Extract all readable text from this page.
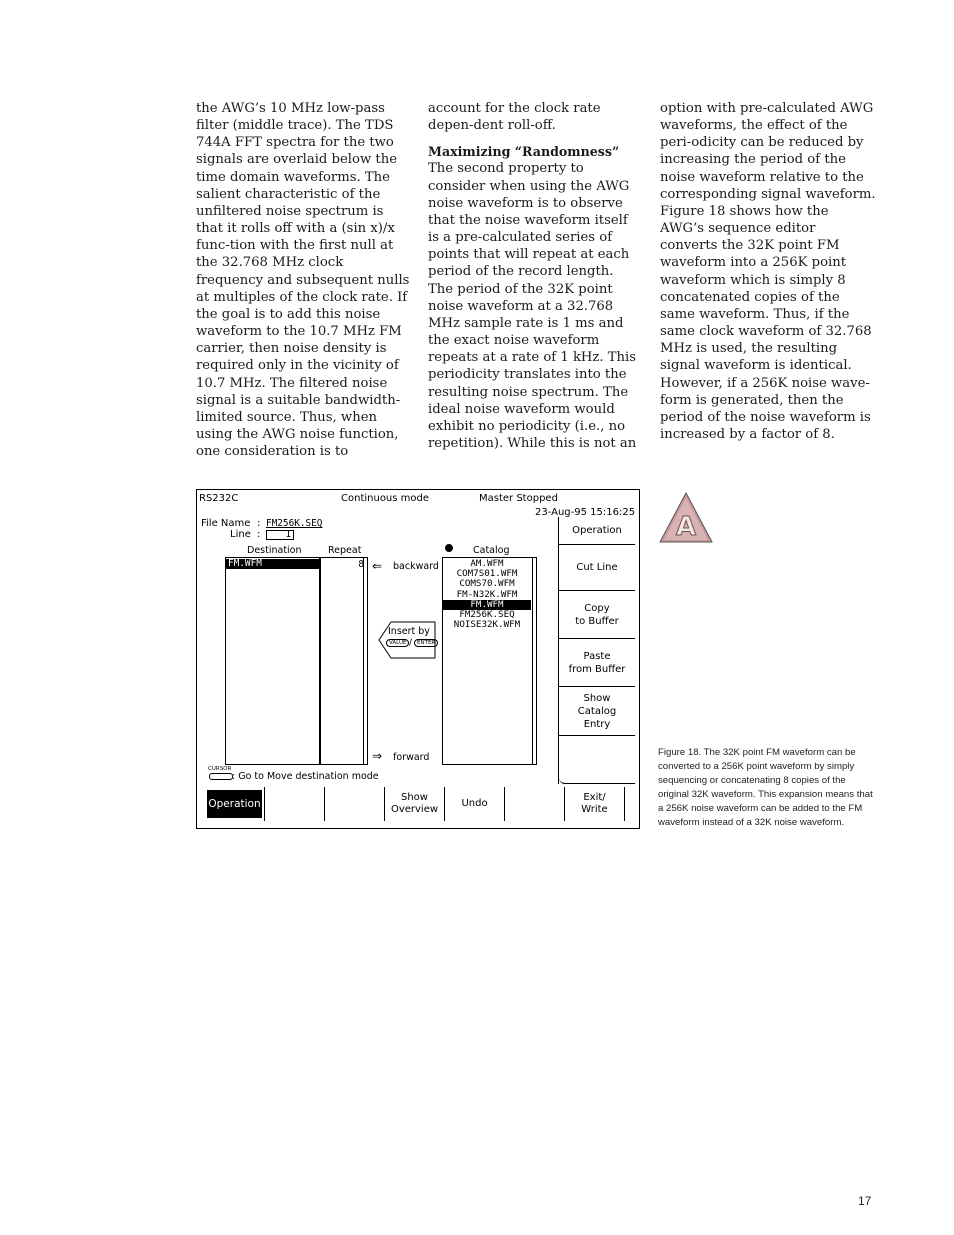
the AWG’s 10 MHz low-pass filter (middle trace). The TDS 744A FFT spectra for the two signals are overlaid below the time domain waveforms. The salient characteristic of the unfiltered noise spectrum is that it rolls off with a (sin x)/x func-tion with the first null at the 32.768 MHz clock frequency and subsequent nulls at multiples of the clock rate. If the goal is to add this noise waveform to the 10.7 MHz FM carrier, then noise density is required only in the vicinity of 10.7 MHz. The filtered noise signal is a suitable bandwidth-limited source. Thus, when using the AWG noise function, one consideration is to

account for the clock rate depen-dent roll-off.

Maximizing “Randomness”

The second property to consider when using the AWG noise waveform is to observe that the noise waveform itself is a pre-calculated series of points that will repeat at each period of the record length. The period of the 32K point noise waveform at a 32.768 MHz sample rate is 1 ms and the exact noise waveform repeats at a rate of 1 kHz. This periodicity translates into the resulting noise spectrum. The ideal noise waveform would exhibit no periodicity (i.e., no repetition). While this is not an

option with pre-calculated AWG waveforms, the effect of the peri-odicity can be reduced by increasing the period of the noise waveform relative to the corresponding signal waveform. Figure 18 shows how the AWG’s sequence editor converts the 32K point FM waveform into a 256K point waveform which is simply 8 concatenated copies of the same waveform. Thus, if the same clock waveform of 32.768 MHz is used, the resulting signal waveform is identical. However, if a 256K noise wave-form is generated, then the period of the noise waveform is increased by a factor of 8.

RS232C	Continuous mode	Master Stopped
23-Aug-95 15:16:25
File Name : FM256K.SEQ
Line :	1
Destination	Repeat	Catalog
FM.WFM	8 ⇐ backward
⇒ forward
Insert by
VALUE / ENTER
AM.WFM
COM7S01.WFM
COMS70.WFM
FM-N32K.WFM
FM.WFM
FM256K.SEQ
NOISE32K.WFM
CURSOR
: Go to Move destination mode
Operation
Cut Line
Copy
to Buffer
Paste
from Buffer
Show
Catalog
Entry
Operation
Show
Overview
Undo
Exit/
Write
A
Figure 18. The 32K point FM waveform can be converted to a 256K point waveform by simply sequencing or concatenating 8 copies of the original 32K waveform. This expansion means that a 256K noise waveform can be added to the FM waveform instead of a 32K noise waveform.
17
